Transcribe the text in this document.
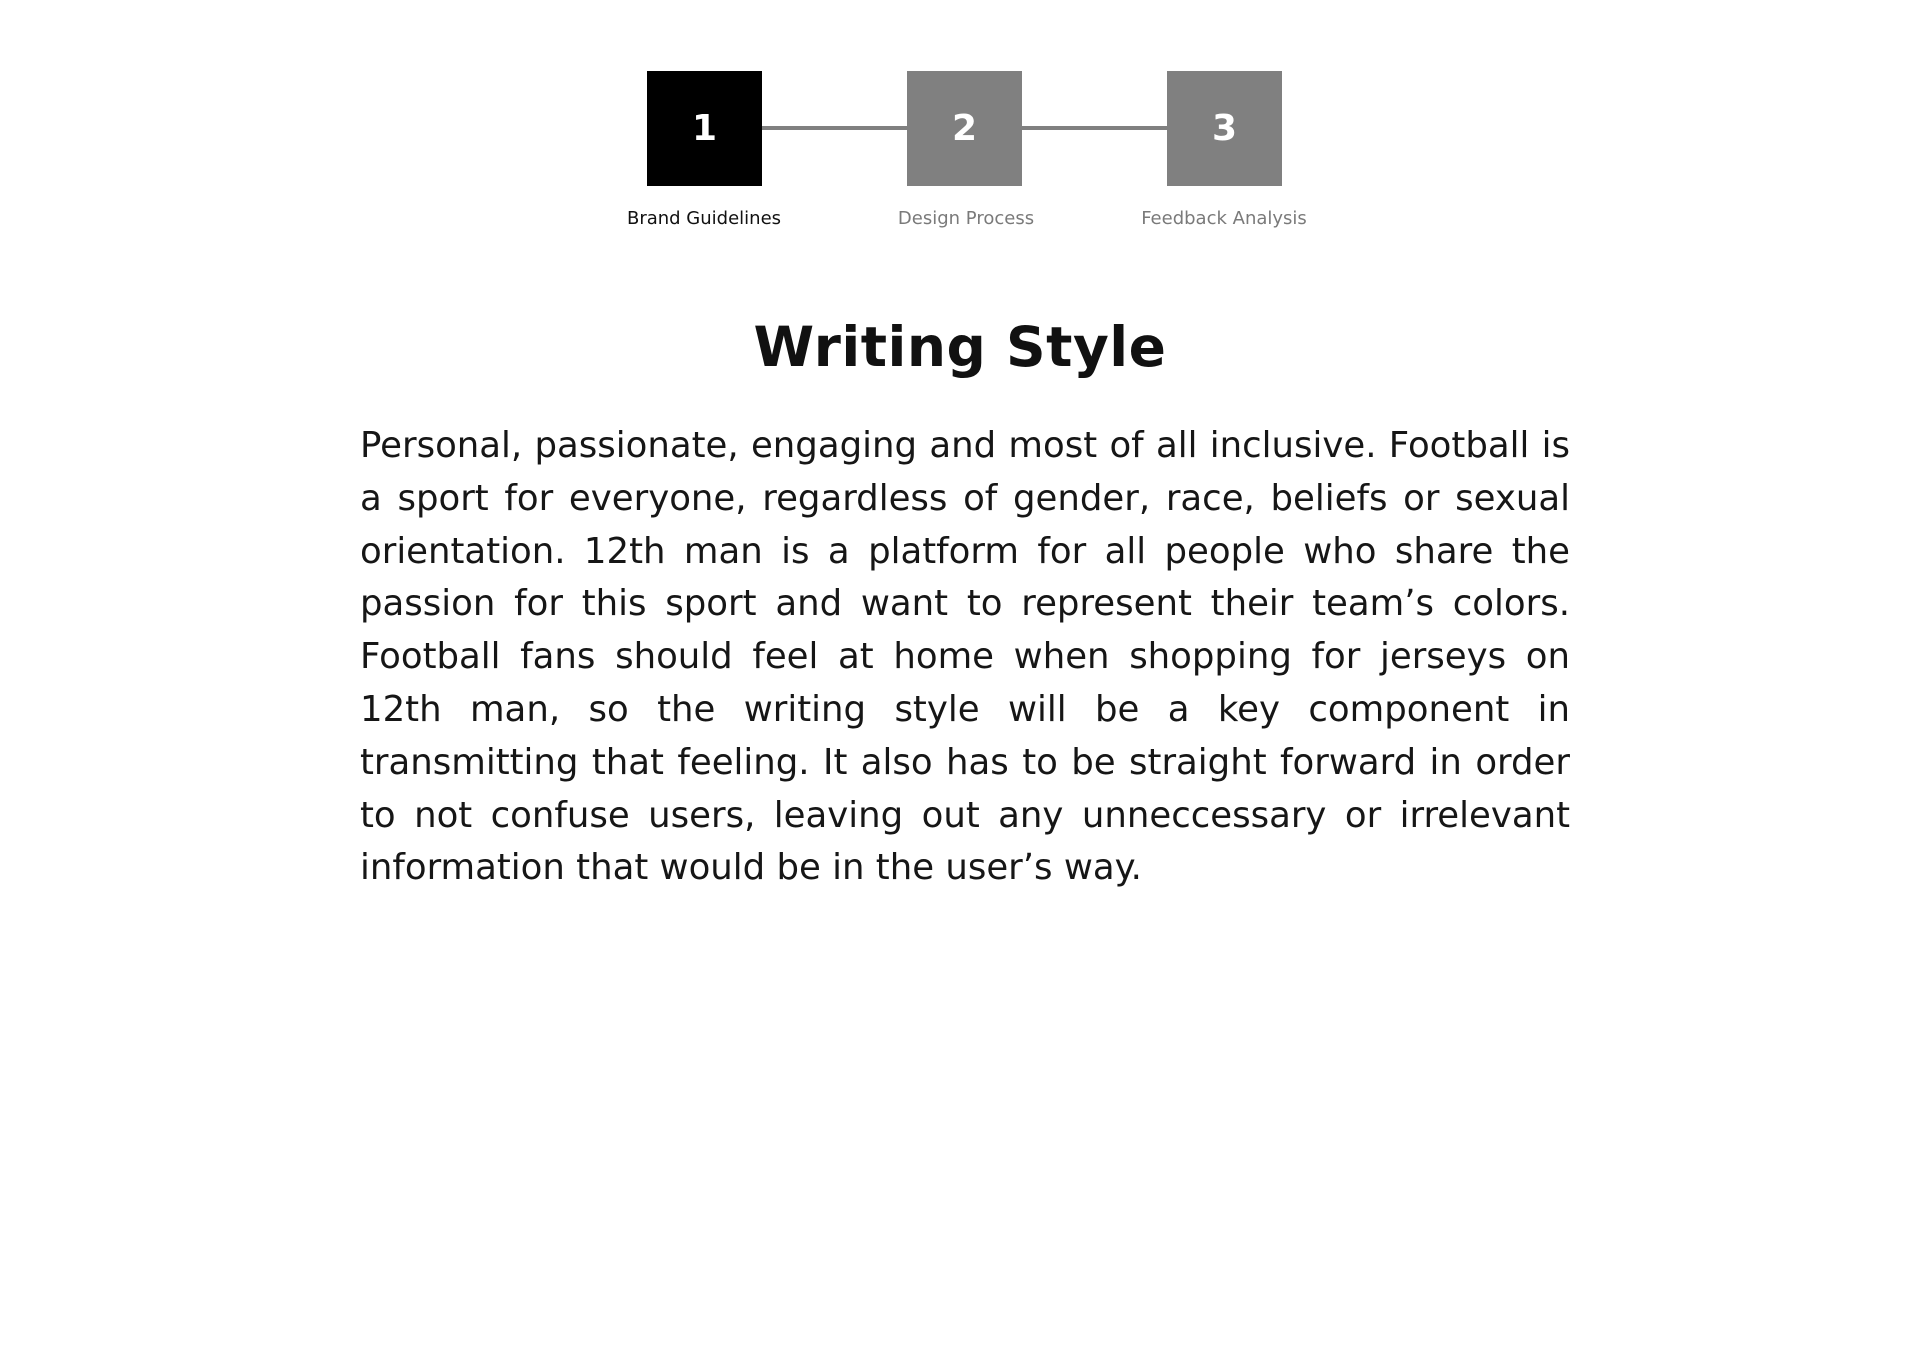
1	2	3
Brand Guidelines	Design Process	Feedback Analysis
Writing Style

Personal, passionate, engaging and most of all inclusive. Football is a sport for everyone, regardless of gender, race, beliefs or sexual orientation. 12th man is a platform for all people who share the passion for this sport and want to represent their team’s colors. Football fans should feel at home when shopping for jerseys on 12th man, so the writing style will be a key component in transmitting that feeling. It also has to be straight forward in order to not confuse users, leaving out any unneccessary or irrelevant information that would be in the user’s way.
